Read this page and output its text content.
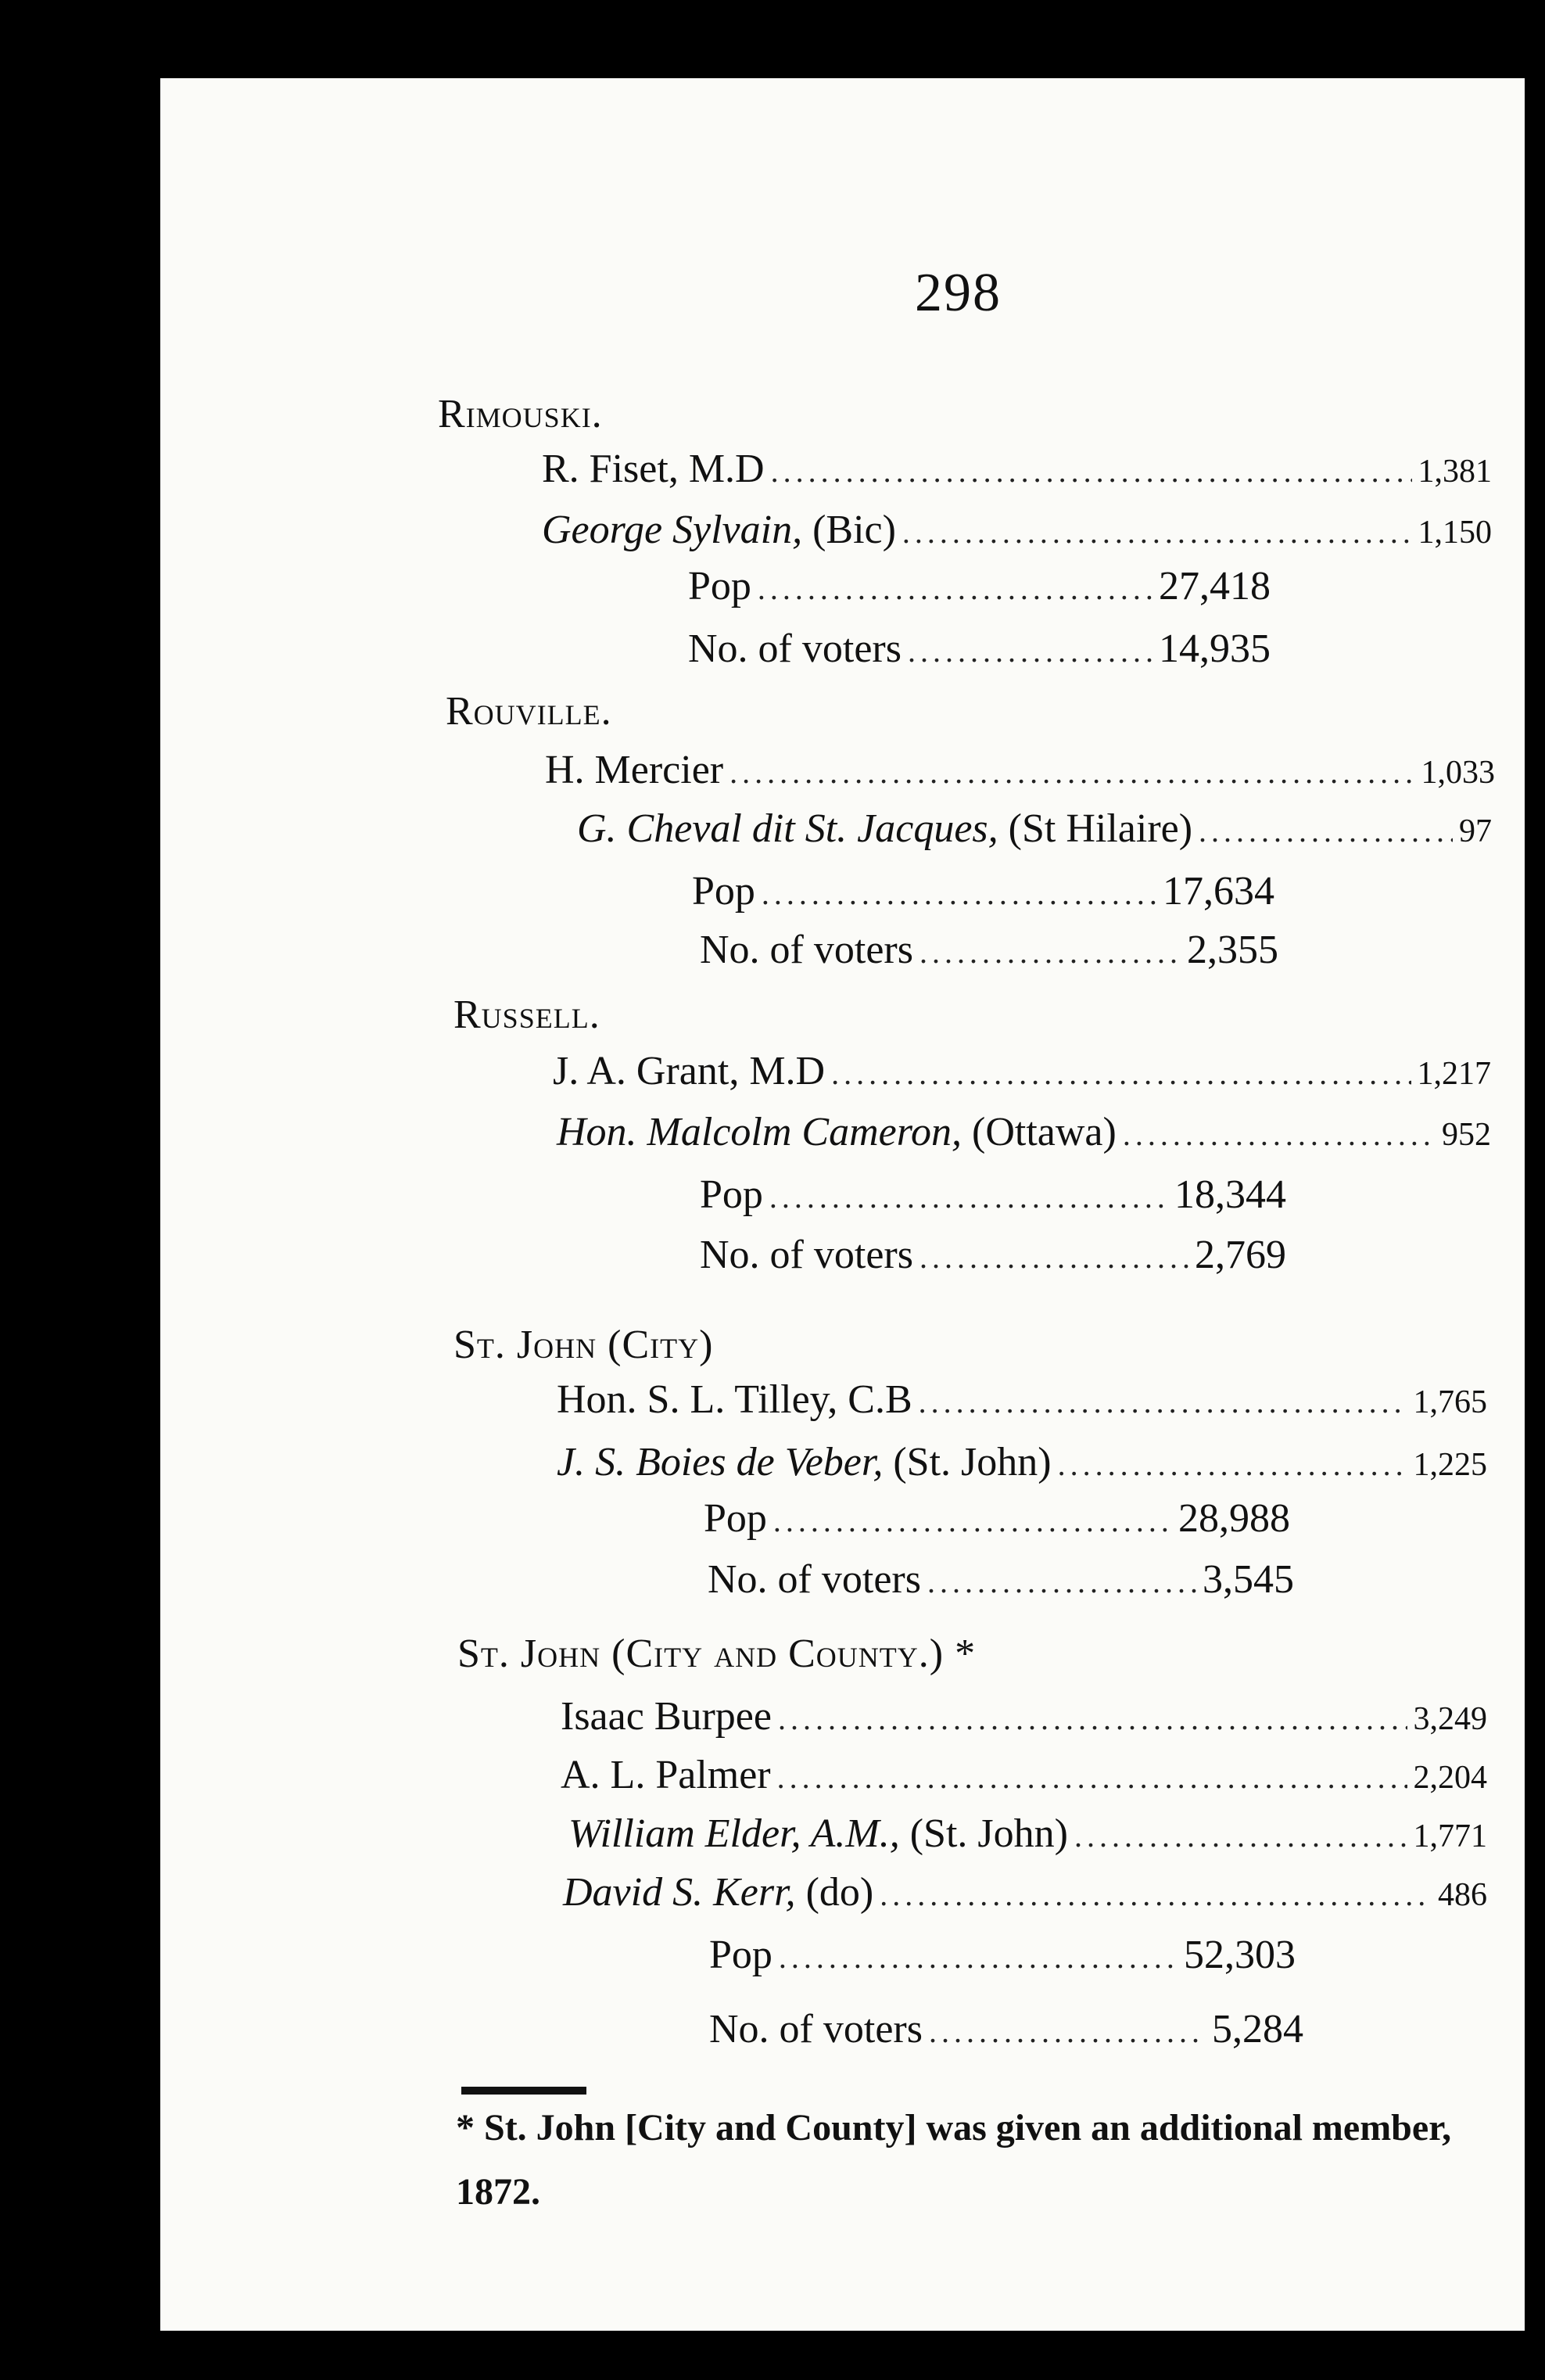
298
Rimouski.
R. Fiset, M.D .....	1,381
George Sylvain,
(Bic) .....	1,150
Pop .....	27,418
No. of voters .....	14,935
Rouville.
H. Mercier .....	1,033
G. Cheval dit St. Jacques,
(St Hilaire) .....	97
Pop .....	17,634
No. of voters .....	2,355
Russell.
J. A. Grant, M.D .....	1,217
Hon. Malcolm Cameron,
(Ottawa) .....	952
Pop .....	18,344
No. of voters .....	2,769
St. John (City)
Hon. S. L. Tilley, C.B .....	1,765
J. S. Boies de Veber,
(St. John) .....	1,225
Pop .....	28,988
No. of voters .....	3,545
St. John (City and County.) *
Isaac Burpee .....	3,249
A. L. Palmer .....	2,204
William Elder, A.M.,
(St. John) .....	1,771
David S. Kerr,
(do) .....	486
Pop .....	52,303
No. of voters .....	5,284
* St. John [City and County] was given an additional member, 1872.
